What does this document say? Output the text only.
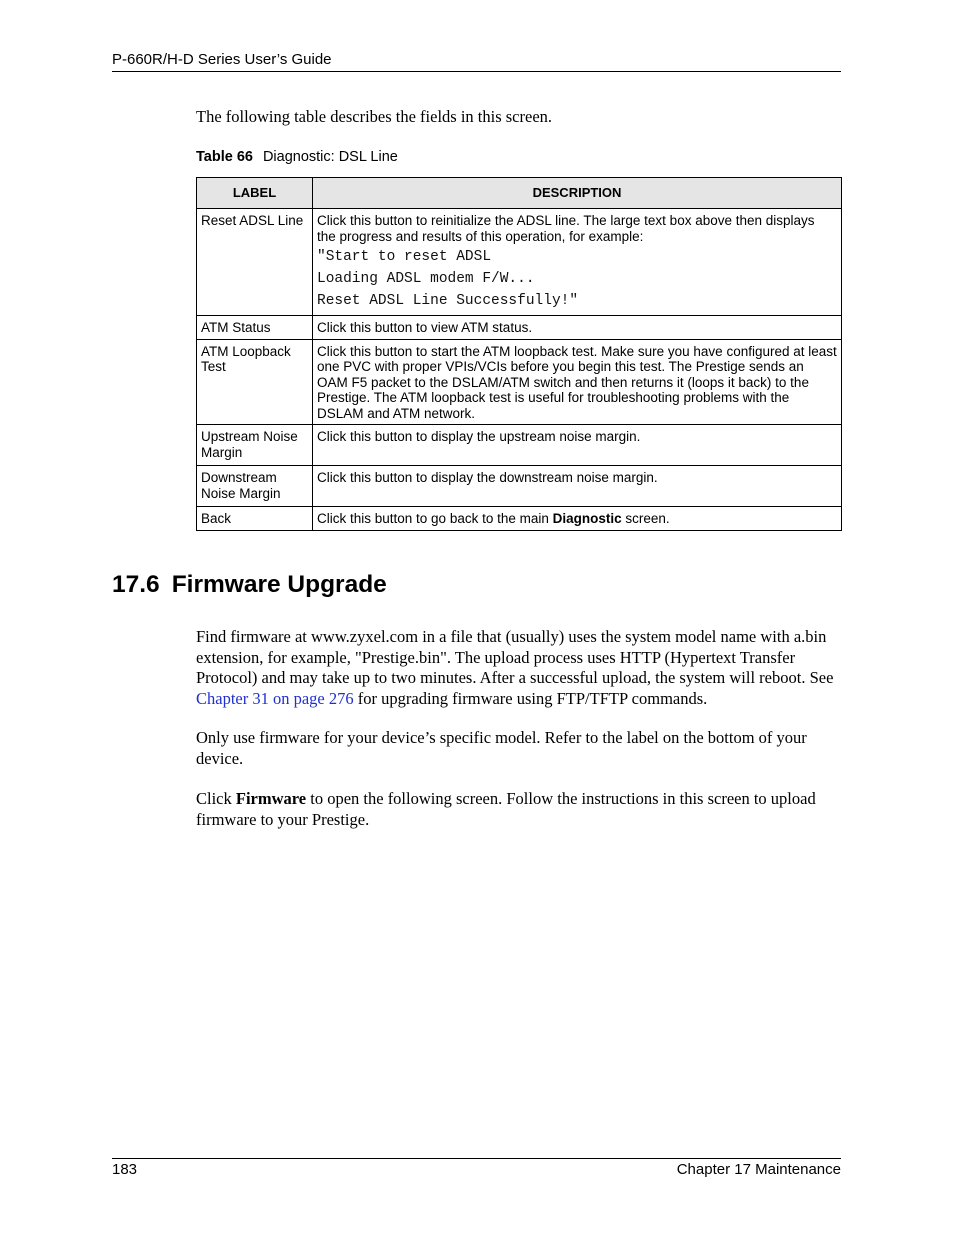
P-660R/H-D Series User’s Guide
The following table describes the fields in this screen.
Table 66 Diagnostic: DSL Line
LABEL	DESCRIPTION
Reset ADSL Line	Click this button to reinitialize the ADSL line. The large text box above then displays the progress and results of this operation, for example:
"Start to reset ADSL
Loading ADSL modem F/W...
Reset ADSL Line Successfully!"

ATM Status	Click this button to view ATM status.
ATM Loopback Test	Click this button to start the ATM loopback test. Make sure you have configured at least one PVC with proper VPIs/VCIs before you begin this test. The Prestige sends an OAM F5 packet to the DSLAM/ATM switch and then returns it (loops it back) to the Prestige. The ATM loopback test is useful for troubleshooting problems with the DSLAM and ATM network.
Upstream Noise Margin	Click this button to display the upstream noise margin.
Downstream Noise Margin	Click this button to display the downstream noise margin.
Back	Click this button to go back to the main Diagnostic screen.
17.6 Firmware Upgrade
Find firmware at www.zyxel.com in a file that (usually) uses the system model name with a.bin extension, for example, "Prestige.bin". The upload process uses HTTP (Hypertext Transfer Protocol) and may take up to two minutes. After a successful upload, the system will reboot. See Chapter 31 on page 276 for upgrading firmware using FTP/TFTP commands.
Only use firmware for your device’s specific model. Refer to the label on the bottom of your device.
Click Firmware to open the following screen. Follow the instructions in this screen to upload firmware to your Prestige.
183	Chapter 17 Maintenance
